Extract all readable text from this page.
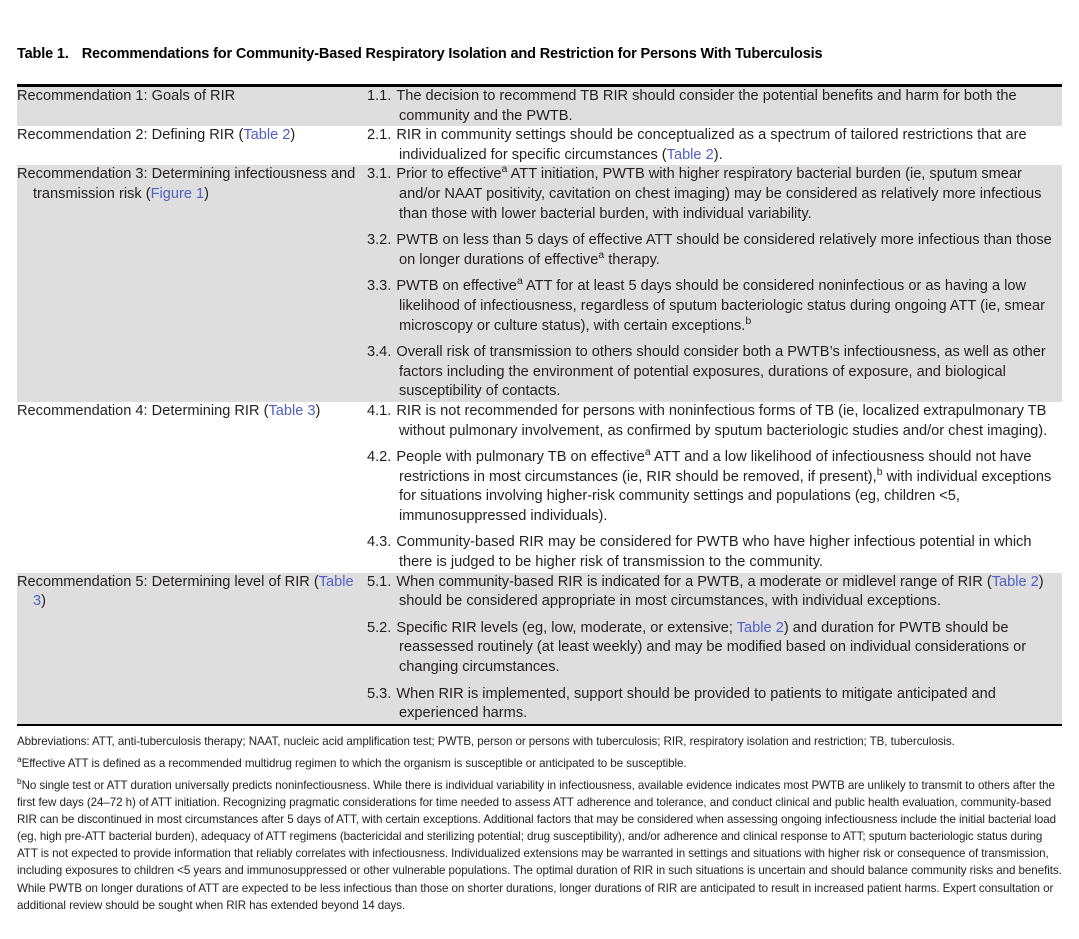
Table 1. Recommendations for Community-Based Respiratory Isolation and Restriction for Persons With Tuberculosis
Recommendation 1: Goals of RIR	1.1. The decision to recommend TB RIR should consider the potential benefits and harm for both the community and the PWTB.

Recommendation 2: Defining RIR (Table 2)	2.1. RIR in community settings should be conceptualized as a spectrum of tailored restrictions that are individualized for specific circumstances (Table 2).

Recommendation 3: Determining infectiousness and transmission risk (Figure 1)	3.1. Prior to effective$^a$ ATT initiation, PWTB with higher respiratory bacterial burden (ie, sputum smear and/or NAAT positivity, cavitation on chest imaging) may be considered as relatively more infectious than those with lower bacterial burden, with individual variability.
3.2. PWTB on less than 5 days of effective ATT should be considered relatively more infectious than those on longer durations of effective$^a$ therapy.
3.3. PWTB on effective$^a$ ATT for at least 5 days should be considered noninfectious or as having a low likelihood of infectiousness, regardless of sputum bacteriologic status during ongoing ATT (ie, smear microscopy or culture status), with certain exceptions.$^b$
3.4. Overall risk of transmission to others should consider both a PWTB’s infectiousness, as well as other factors including the environment of potential exposures, durations of exposure, and biological susceptibility of contacts.

Recommendation 4: Determining RIR (Table 3)	4.1. RIR is not recommended for persons with noninfectious forms of TB (ie, localized extrapulmonary TB without pulmonary involvement, as confirmed by sputum bacteriologic studies and/or chest imaging).
4.2. People with pulmonary TB on effective$^a$ ATT and a low likelihood of infectiousness should not have restrictions in most circumstances (ie, RIR should be removed, if present),$^b$ with individual exceptions for situations involving higher-risk community settings and populations (eg, children <5, immunosuppressed individuals).
4.3. Community-based RIR may be considered for PWTB who have higher infectious potential in which there is judged to be higher risk of transmission to the community.

Recommendation 5: Determining level of RIR (Table 3)	5.1. When community-based RIR is indicated for a PWTB, a moderate or midlevel range of RIR (Table 2) should be considered appropriate in most circumstances, with individual exceptions.
5.2. Specific RIR levels (eg, low, moderate, or extensive; Table 2) and duration for PWTB should be reassessed routinely (at least weekly) and may be modified based on individual considerations or changing circumstances.
5.3. When RIR is implemented, support should be provided to patients to mitigate anticipated and experienced harms.
Abbreviations: ATT, anti-tuberculosis therapy; NAAT, nucleic acid amplification test; PWTB, person or persons with tuberculosis; RIR, respiratory isolation and restriction; TB, tuberculosis.
$^a$Effective ATT is defined as a recommended multidrug regimen to which the organism is susceptible or anticipated to be susceptible.
$^b$No single test or ATT duration universally predicts noninfectiousness. While there is individual variability in infectiousness, available evidence indicates most PWTB are unlikely to transmit to others after the first few days (24–72 h) of ATT initiation. Recognizing pragmatic considerations for time needed to assess ATT adherence and tolerance, and conduct clinical and public health evaluation, community-based RIR can be discontinued in most circumstances after 5 days of ATT, with certain exceptions. Additional factors that may be considered when assessing ongoing infectiousness include the initial bacterial load (eg, high pre-ATT bacterial burden), adequacy of ATT regimens (bactericidal and sterilizing potential; drug susceptibility), and/or adherence and clinical response to ATT; sputum bacteriologic status during ATT is not expected to provide information that reliably correlates with infectiousness. Individualized extensions may be warranted in settings and situations with higher risk or consequence of transmission, including exposures to children <5 years and immunosuppressed or other vulnerable populations. The optimal duration of RIR in such situations is uncertain and should balance community risks and benefits. While PWTB on longer durations of ATT are expected to be less infectious than those on shorter durations, longer durations of RIR are anticipated to result in increased patient harms. Expert consultation or additional review should be sought when RIR has extended beyond 14 days.
